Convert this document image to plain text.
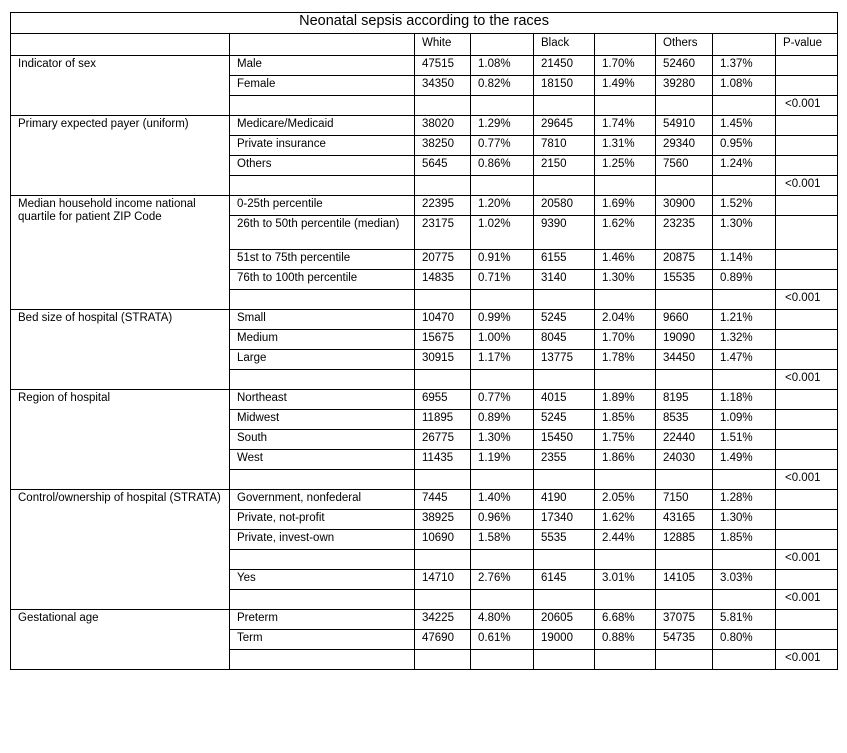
Neonatal sepsis according to the races								
		White		Black		Others		P-value
Indicator of sex	Male	47515	1.08%	21450	1.70%	52460	1.37%	
	Female	34350	0.82%	18150	1.49%	39280	1.08%	
								<0.001
Primary expected payer (uniform)	Medicare/Medicaid	38020	1.29%	29645	1.74%	54910	1.45%	
	Private insurance	38250	0.77%	7810	1.31%	29340	0.95%	
	Others	5645	0.86%	2150	1.25%	7560	1.24%	
								<0.001
Median household income national quartile for patient ZIP Code	0-25th percentile	22395	1.20%	20580	1.69%	30900	1.52%	
	26th to 50th percentile (median)	23175	1.02%	9390	1.62%	23235	1.30%	
	51st to 75th percentile	20775	0.91%	6155	1.46%	20875	1.14%	
	76th to 100th percentile	14835	0.71%	3140	1.30%	15535	0.89%	
								<0.001
Bed size of hospital (STRATA)	Small	10470	0.99%	5245	2.04%	9660	1.21%	
	Medium	15675	1.00%	8045	1.70%	19090	1.32%	
	Large	30915	1.17%	13775	1.78%	34450	1.47%	
								<0.001
Region of hospital	Northeast	6955	0.77%	4015	1.89%	8195	1.18%	
	Midwest	11895	0.89%	5245	1.85%	8535	1.09%	
	South	26775	1.30%	15450	1.75%	22440	1.51%	
	West	11435	1.19%	2355	1.86%	24030	1.49%	
								<0.001
Control/ownership of hospital (STRATA)	Government, nonfederal	7445	1.40%	4190	2.05%	7150	1.28%	
	Private, not-profit	38925	0.96%	17340	1.62%	43165	1.30%	
	Private, invest-own	10690	1.58%	5535	2.44%	12885	1.85%	
								<0.001
	Yes	14710	2.76%	6145	3.01%	14105	3.03%	
								<0.001
Gestational age	Preterm	34225	4.80%	20605	6.68%	37075	5.81%	
	Term	47690	0.61%	19000	0.88%	54735	0.80%	
								<0.001
